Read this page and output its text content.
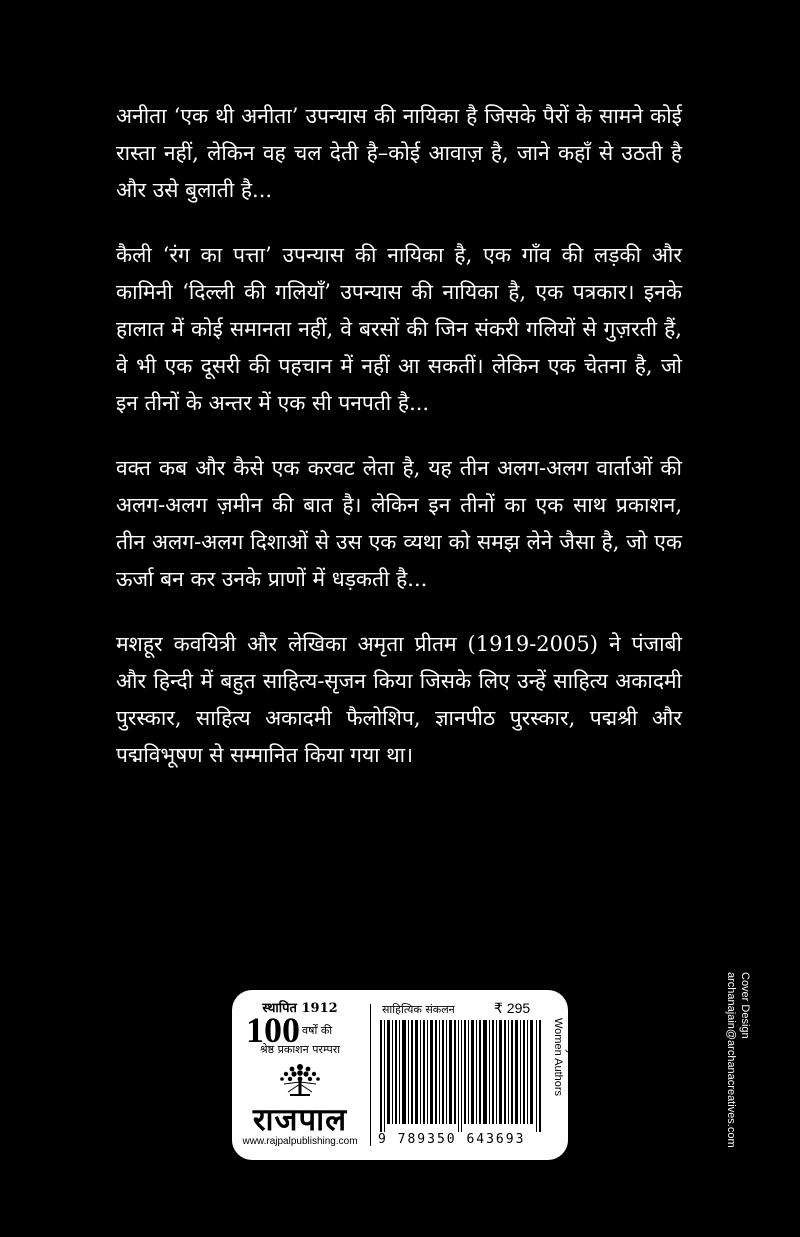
अनीता ‘एक थी अनीता’ उपन्यास की नायिका है जिसके पैरों के सामने कोई रास्ता नहीं, लेकिन वह चल देती है–कोई आवाज़ है, जाने कहाँ से उठती है और उसे बुलाती है...

कैली ‘रंग का पत्ता’ उपन्यास की नायिका है, एक गाँव की लड़की और कामिनी ‘दिल्ली की गलियाँ’ उपन्यास की नायिका है, एक पत्रकार। इनके हालात में कोई समानता नहीं, वे बरसों की जिन संकरी गलियों से गुज़रती हैं, वे भी एक दूसरी की पहचान में नहीं आ सकतीं। लेकिन एक चेतना है, जो इन तीनों के अन्तर में एक सी पनपती है...

वक्त कब और कैसे एक करवट लेता है, यह तीन अलग-अलग वार्ताओं की अलग-अलग ज़मीन की बात है। लेकिन इन तीनों का एक साथ प्रकाशन, तीन अलग-अलग दिशाओं से उस एक व्यथा को समझ लेने जैसा है, जो एक ऊर्जा बन कर उनके प्राणों में धड़कती है...

मशहूर कवयित्री और लेखिका अमृता प्रीतम (1919-2005) ने पंजाबी और हिन्दी में बहुत साहित्य-सृजन किया जिसके लिए उन्हें साहित्य अकादमी पुरस्कार, साहित्य अकादमी फैलोशिप, ज्ञानपीठ पुरस्कार, पद्मश्री और पद्मविभूषण से सम्मानित किया गया था।

Cover Design
archanajain@archanacreatives.com
स्थापित 1912
100 वर्षों की
श्रेष्ठ प्रकाशन परम्परा
राजपाल
www.rajpalpublishing.com
साहित्यिक संकलन	₹ 295
9 789350 643693
Literary Collection /
Women Authors
